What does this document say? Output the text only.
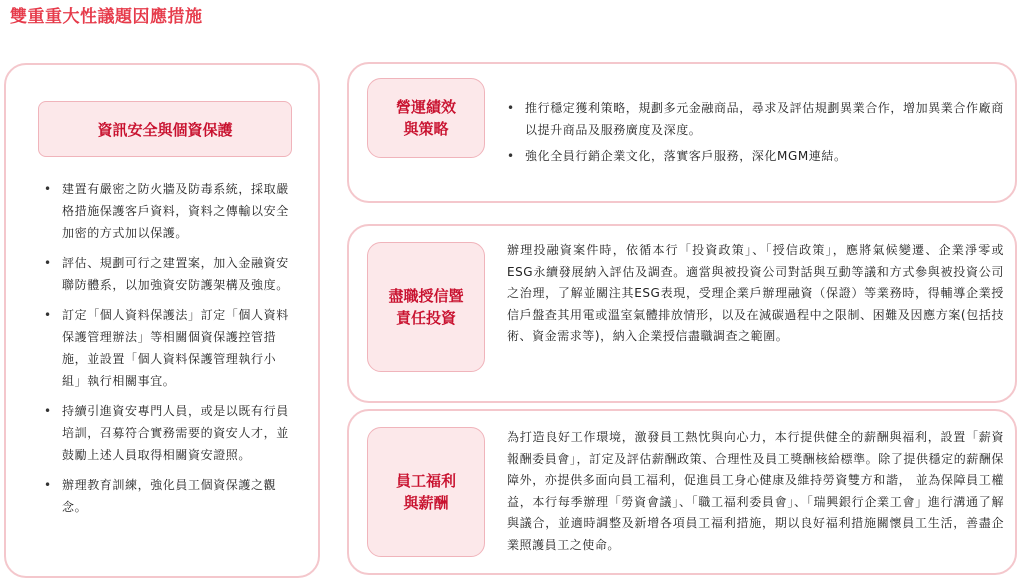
雙重重大性議題因應措施
資訊安全與個資保護
• 建置有嚴密之防火牆及防毒系統，採取嚴格措施保護客戶資料，資料之傳輸以安全加密的方式加以保護。
• 評估、規劃可行之建置案，加入金融資安聯防體系，以加強資安防護架構及強度。
• 訂定「個人資料保護法」訂定「個人資料保護管理辦法」等相關個資保護控管措施，並設置「個人資料保護管理執行小組」執行相關事宜。
• 持續引進資安專門人員，或是以既有行員培訓，召募符合實務需要的資安人才，並鼓勵上述人員取得相關資安證照。
• 辦理教育訓練，強化員工個資保護之觀念。
營運績效
與策略
• 推行穩定獲利策略，規劃多元金融商品，尋求及評估規劃異業合作，增加異業合作廠商以提升商品及服務廣度及深度。
• 強化全員行銷企業文化，落實客戶服務，深化MGM連結。
盡職授信暨
責任投資

辦理投融資案件時，依循本行「投資政策」、「授信政策」，應將氣候變遷、企業淨零或ESG永續發展納入評估及調查。適當與被投資公司對話與互動等議和方式參與被投資公司之治理，了解並關注其ESG表現，受理企業戶辦理融資（保證）等業務時，得輔導企業授信戶盤查其用電或溫室氣體排放情形，以及在減碳過程中之限制、困難及因應方案(包括技術、資金需求等)，納入企業授信盡職調查之範圍。

員工福利
與薪酬

為打造良好工作環境，激發員工熱忱與向心力，本行提供健全的薪酬與福利，設置「薪資報酬委員會」，訂定及評估薪酬政策、合理性及員工獎酬核給標準。除了提供穩定的薪酬保障外，亦提供多面向員工福利，促進員工身心健康及維持勞資雙方和諧， 並為保障員工權益，本行每季辦理「勞資會議」、「職工福利委員會」、「瑞興銀行企業工會」進行溝通了解與議合，並適時調整及新增各項員工福利措施，期以良好福利措施關懷員工生活，善盡企業照護員工之使命。
